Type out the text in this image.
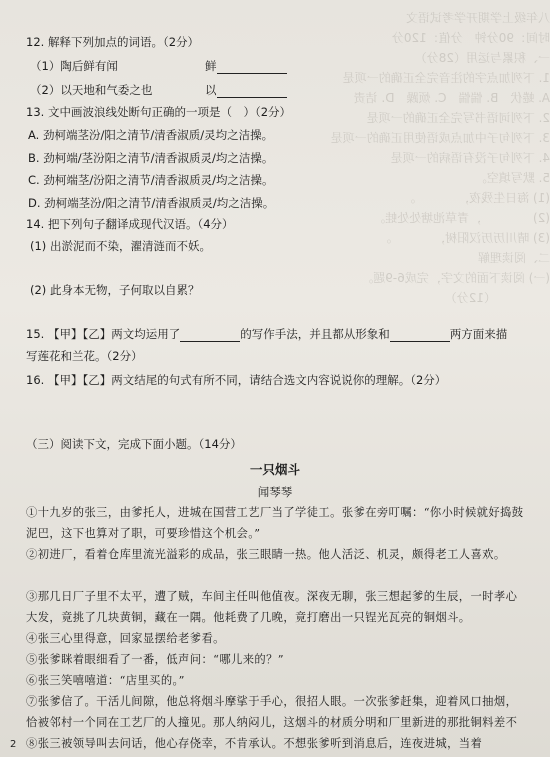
八年级上学期开学考试语文
时间：90分钟　分值：120分
一、积累与运用（28分）
1. 下列加点字的注音完全正确的一项是
A. 蜷伏　B. 惴惴　C. 烦躁　D. 诘责
2. 下列词语书写完全正确的一项是
3. 下列句子中加点成语使用正确的一项是
4. 下列句子没有语病的一项是
5. 默写填空。
(1) 海日生残夜，　　　　。
(2) 　　　　，青草池塘处处蛙。
(3) 晴川历历汉阳树，　　　　。
二、阅读理解
(一) 阅读下面的文字，完成6-9题。
　　　　　（12分）
12. 解释下列加点的词语。（2分）
（1）陶后鲜有闻	鲜
（2）以天地和气委之也	以
13. 文中画波浪线处断句正确的一项是（　）（2分）
A. 劲柯端茎汾/阳之清节/清香淑质/灵均之洁操。
B. 劲柯端/茎汾阳之清节/清香淑质灵/均之洁操。
C. 劲柯端茎/汾阳之清节/清香淑质灵/均之洁操。
D. 劲柯端茎汾/阳之清节/清香淑质灵/均之洁操。
14. 把下列句子翻译成现代汉语。（4分）
(1) 出淤泥而不染，濯清涟而不妖。
(2) 此身本无物，子何取以自累？
15. 【甲】【乙】两文均运用了	的写作手法，并且都从形象和	两方面来描
写莲花和兰花。（2分）
16. 【甲】【乙】两文结尾的句式有所不同，请结合选文内容说说你的理解。（2分）
（三）阅读下文，完成下面小题。（14分）
一只烟斗
闻琴琴
①十九岁的张三，由爹托人，进城在国营工艺厂当了学徒工。张爹在旁叮嘱：“你小时候就好捣鼓泥巴，这下也算对了职，可要珍惜这个机会。”
②初进厂，看着仓库里流光溢彩的成品，张三眼睛一热。他人活泛、机灵，颇得老工人喜欢。
③那几日厂子里不太平，遭了贼，车间主任叫他值夜。深夜无聊，张三想起爹的生辰，一时孝心大发，竟挑了几块黄铜，藏在一隅。他耗费了几晚，竟打磨出一只锃光瓦亮的铜烟斗。
④张三心里得意，回家显摆给老爹看。
⑤张爹眯着眼细看了一番，低声问：“哪儿来的？”
⑥张三笑嘻嘻道：“店里买的。”
⑦张爹信了。干活儿间隙，他总将烟斗摩挲于手心，很招人眼。一次张爹赶集，迎着风口抽烟，恰被邻村一个同在工艺厂的人撞见。那人纳闷儿，这烟斗的材质分明和厂里新进的那批铜料差不
⑧张三被领导叫去问话，他心存侥幸，不肯承认。不想张爹听到消息后，连夜进城，当着
2
